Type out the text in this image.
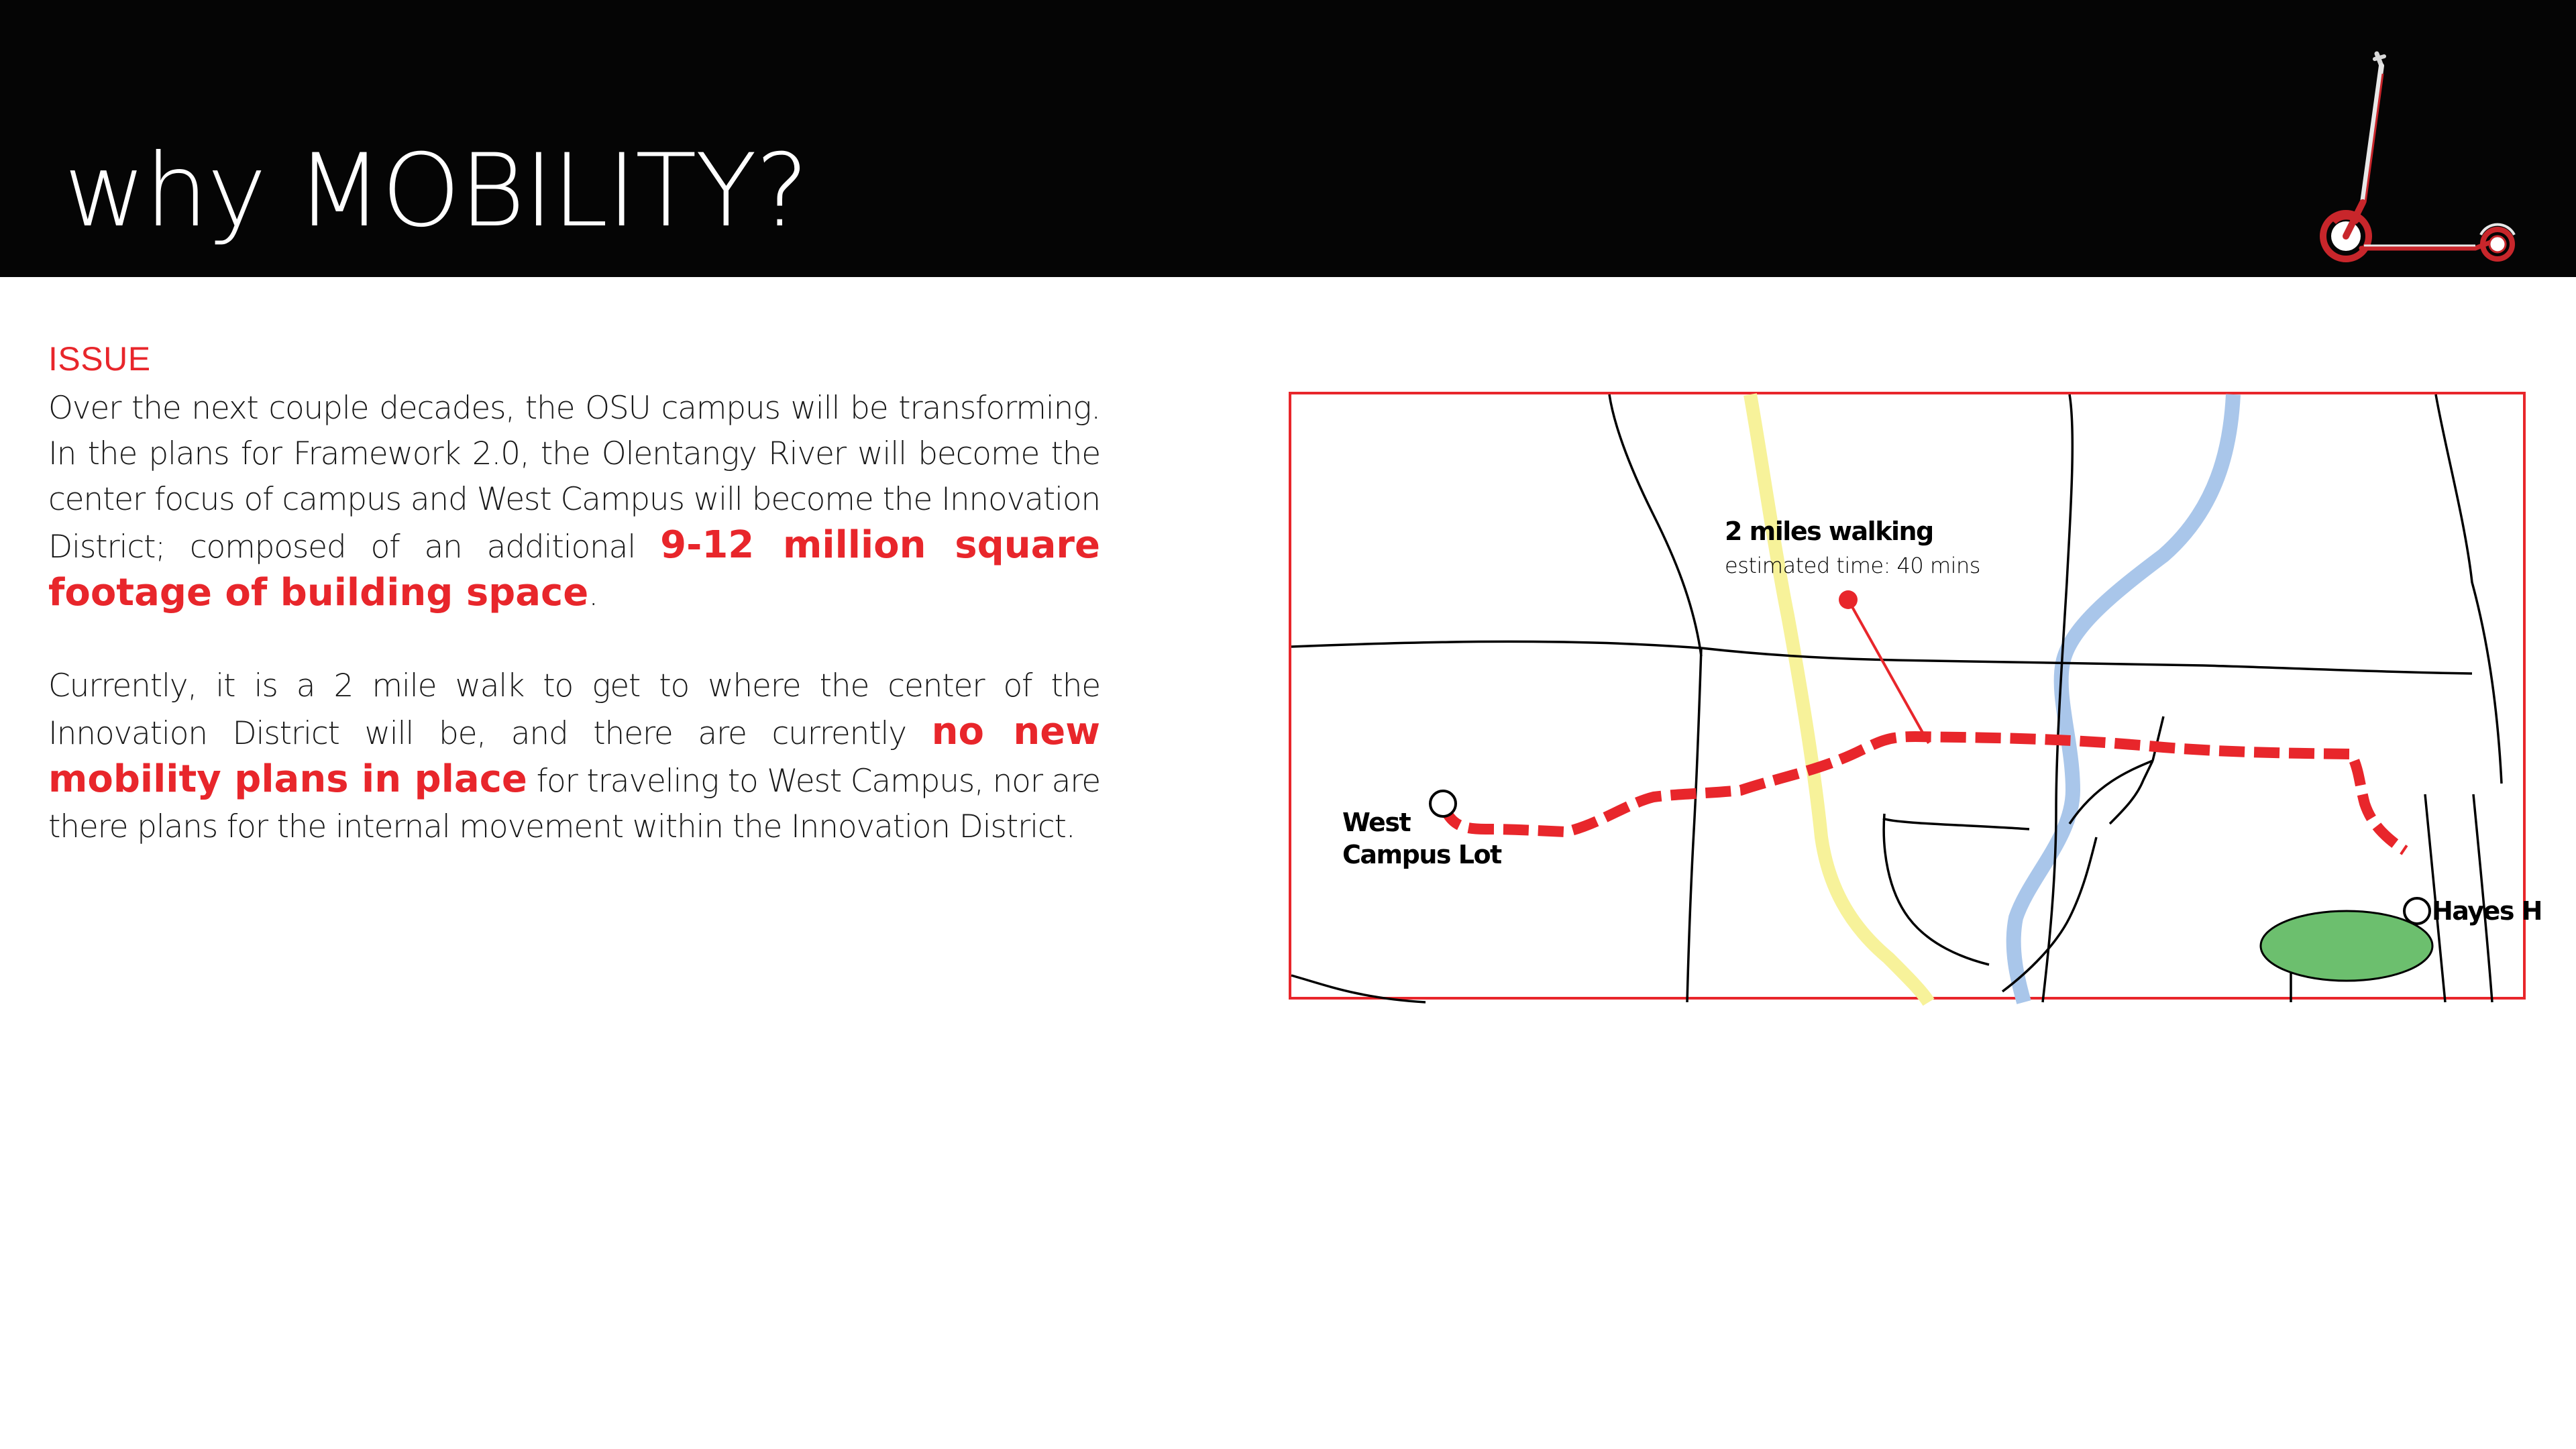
why MOBILITY?
ISSUE

Over the next couple decades, the OSU campus will be transforming. In the plans for Framework 2.0, the Olentangy River will become the center focus of campus and West Campus will become the Innovation District; composed of an additional 9-12 million square footage of building space.

Currently, it is a 2 mile walk to get to where the center of the Innovation District will be, and there are currently no new mobility plans in place for traveling to West Campus, nor are there plans for the internal movement within the Innovation District.

2 miles walking
estimated time: 40 mins
West
Campus Lot
Hayes H
